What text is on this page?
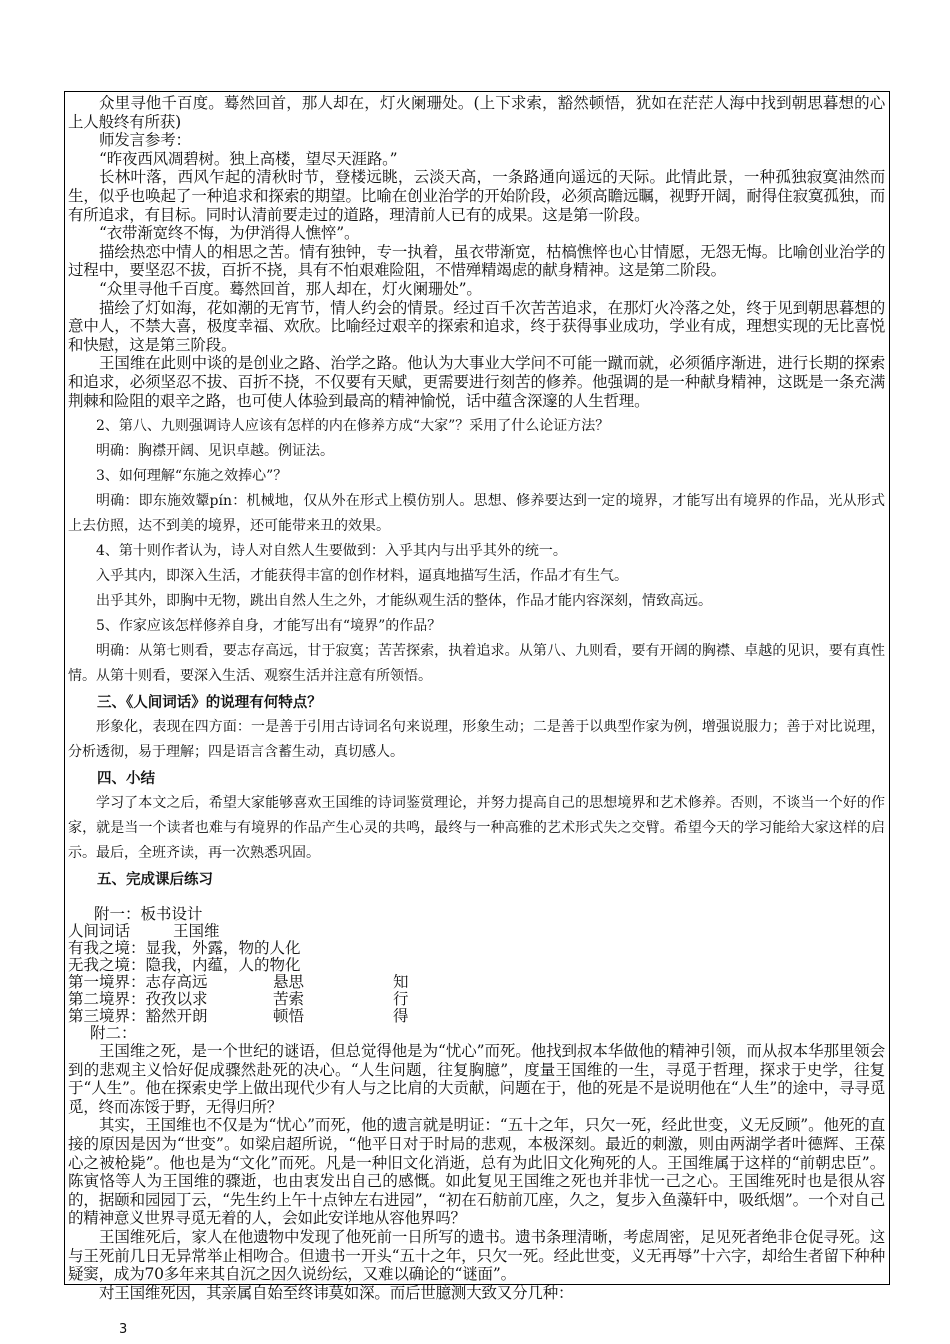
众里寻他千百度。蓦然回首，那人却在，灯火阑珊处。(上下求索，豁然顿悟，犹如在茫茫人海中找到朝思暮想的心上人般终有所获)

师发言参考：

“昨夜西风凋碧树。独上高楼，望尽天涯路。”

长林叶落，西风乍起的清秋时节，登楼远眺，云淡天高，一条路通向遥远的天际。此情此景，一种孤独寂寞油然而生，似乎也唤起了一种追求和探索的期望。比喻在创业治学的开始阶段，必须高瞻远瞩，视野开阔，耐得住寂寞孤独，而有所追求，有目标。同时认清前要走过的道路，理清前人已有的成果。这是第一阶段。

“衣带渐宽终不悔，为伊消得人憔悴”。

描绘热恋中情人的相思之苦。情有独钟，专一执着，虽衣带渐宽，枯槁憔悴也心甘情愿，无怨无悔。比喻创业治学的过程中，要坚忍不拔，百折不挠，具有不怕艰难险阻，不惜殚精竭虑的献身精神。这是第二阶段。

“众里寻他千百度。蓦然回首，那人却在，灯火阑珊处”。

描绘了灯如海，花如潮的无宵节，情人约会的情景。经过百千次苦苦追求，在那灯火冷落之处，终于见到朝思暮想的意中人，不禁大喜，极度幸福、欢欣。比喻经过艰辛的探索和追求，终于获得事业成功，学业有成，理想实现的无比喜悦和快慰，这是第三阶段。

王国维在此则中谈的是创业之路、治学之路。他认为大事业大学问不可能一蹴而就，必须循序渐进，进行长期的探索和追求，必须坚忍不拔、百折不挠，不仅要有天赋，更需要进行刻苦的修养。他强调的是一种献身精神，这既是一条充满荆棘和险阻的艰辛之路，也可使人体验到最高的精神愉悦，话中蕴含深邃的人生哲理。

2、第八、九则强调诗人应该有怎样的内在修养方成“大家”？采用了什么论证方法？

明确：胸襟开阔、见识卓越。例证法。

3、如何理解“东施之效捧心”？

明确：即东施效颦pín：机械地，仅从外在形式上模仿别人。思想、修养要达到一定的境界，才能写出有境界的作品，光从形式上去仿照，达不到美的境界，还可能带来丑的效果。

4、第十则作者认为，诗人对自然人生要做到：入乎其内与出乎其外的统一。

入乎其内，即深入生活，才能获得丰富的创作材料，逼真地描写生活，作品才有生气。

出乎其外，即胸中无物，跳出自然人生之外，才能纵观生活的整体，作品才能内容深刻，情致高远。

5、作家应该怎样修养自身，才能写出有“境界”的作品？

明确：从第七则看，要志存高远，甘于寂寞；苦苦探索，执着追求。从第八、九则看，要有开阔的胸襟、卓越的见识，要有真性情。从第十则看，要深入生活、观察生活并注意有所领悟。

三、《人间词话》的说理有何特点？

形象化，表现在四方面：一是善于引用古诗词名句来说理，形象生动；二是善于以典型作家为例，增强说服力；善于对比说理，分析透彻，易于理解；四是语言含蓄生动，真切感人。

四、小结

学习了本文之后，希望大家能够喜欢王国维的诗词鉴赏理论，并努力提高自己的思想境界和艺术修养。否则，不谈当一个好的作家，就是当一个读者也难与有境界的作品产生心灵的共鸣，最终与一种高雅的艺术形式失之交臂。希望今天的学习能给大家这样的启示。最后，全班齐读，再一次熟悉巩固。

五、完成课后练习

附一：板书设计
人间词话	王国维
有我之境：显我，外露，物的人化
无我之境：隐我，内蕴，人的物化
第一境界：志存高远	悬思	知
第二境界：孜孜以求	苦索	行
第三境界：豁然开朗	顿悟	得
附二：

王国维之死，是一个世纪的谜语，但总觉得他是为“忧心”而死。他找到叔本华做他的精神引领，而从叔本华那里领会到的悲观主义恰好促成骤然赴死的决心。“人生问题，往复胸臆”，度量王国维的一生，寻觅于哲理，探求于史学，往复于“人生”。他在探索史学上做出现代少有人与之比肩的大贡献，问题在于，他的死是不是说明他在“人生”的途中，寻寻觅觅，终而冻馁于野，无得归所？

其实，王国维也不仅是为“忧心”而死，他的遗言就是明证：“五十之年，只欠一死，经此世变，义无反顾”。他死的直接的原因是因为“世变”。如梁启超所说，“他平日对于时局的悲观，本极深刻。最近的刺激，则由两湖学者叶德辉、王葆心之被枪毙”。他也是为“文化”而死。凡是一种旧文化消逝，总有为此旧文化殉死的人。王国维属于这样的“前朝忠臣”。陈寅恪等人为王国维的骤逝，也由衷发出自己的感慨。如此复见王国维之死也并非忧一己之心。王国维死时也是很从容的，据颐和园园丁云，“先生约上午十点钟左右进园”，“初在石舫前兀座，久之，复步入鱼藻轩中，吸纸烟”。一个对自己的精神意义世界寻觅无着的人，会如此安详地从容他界吗？

王国维死后，家人在他遗物中发现了他死前一日所写的遗书。遗书条理清晰，考虑周密，足见死者绝非仓促寻死。这与王死前几日无异常举止相吻合。但遗书一开头“五十之年，只欠一死。经此世变，义无再辱”十六字，却给生者留下种种疑窦，成为70多年来其自沉之因久说纷纭，又难以确论的“谜面”。

对王国维死因，其亲属自始至终讳莫如深。而后世臆测大致又分几种：

3
